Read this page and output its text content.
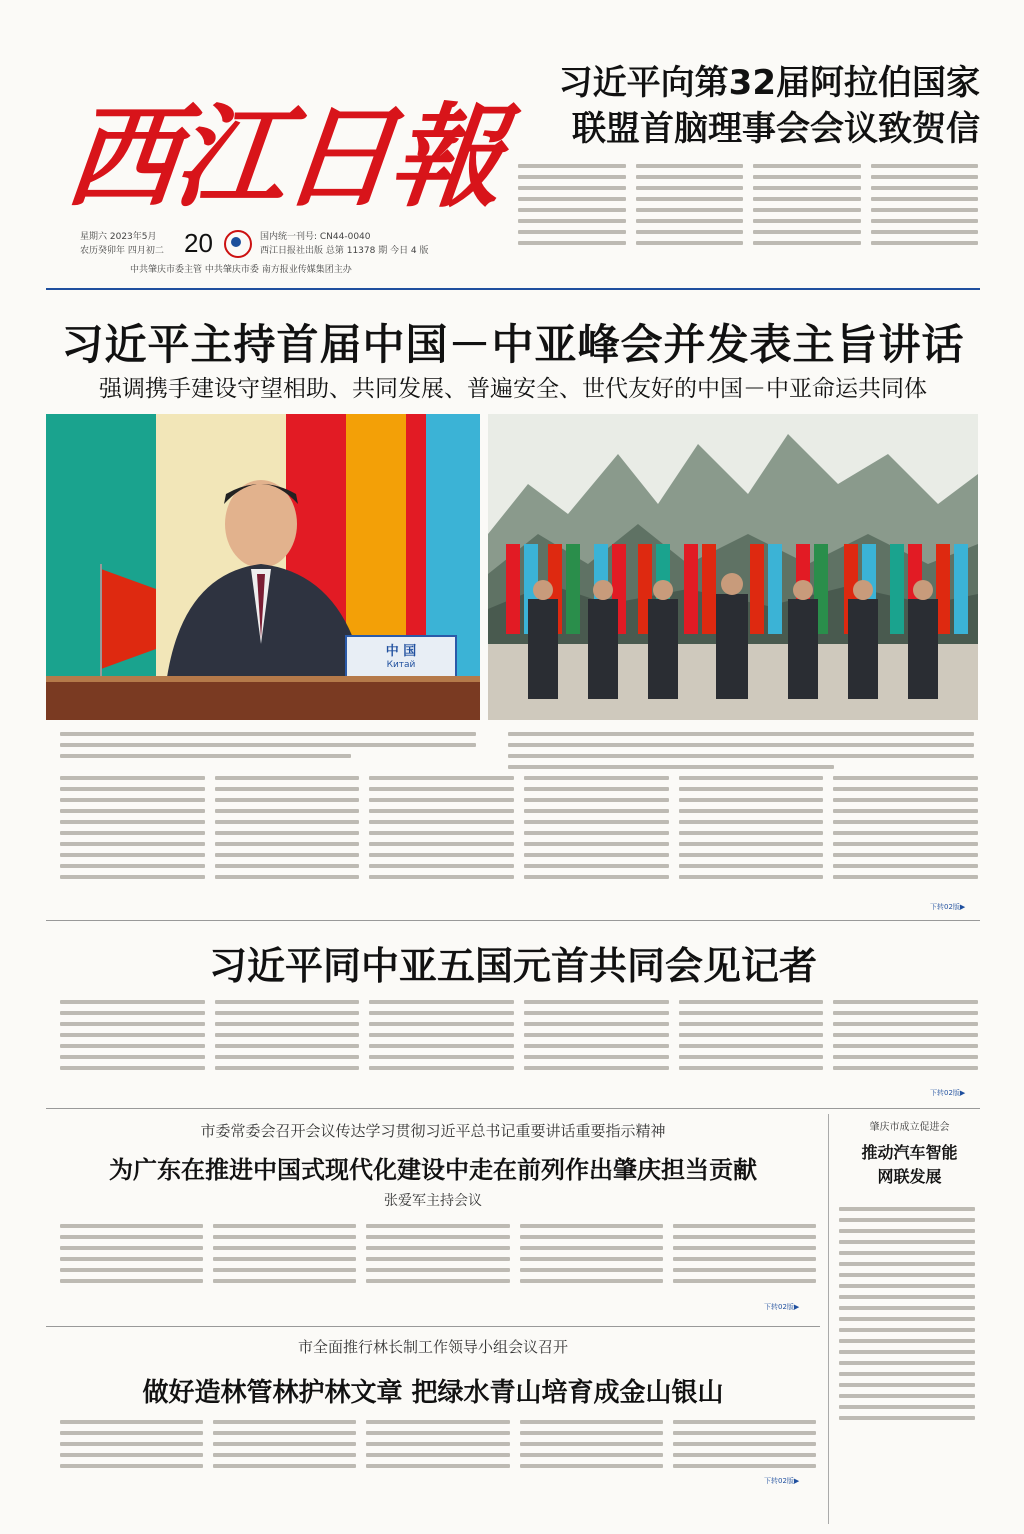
西江日報
星期六 2023年5月
农历癸卯年 四月初二 20	国内统一刊号: CN44-0040
西江日报社出版 总第 11378 期 今日 4 版
中共肇庆市委主管 中共肇庆市委 南方报业传媒集团主办
习近平向第32届阿拉伯国家
联盟首脑理事会会议致贺信
习近平主持首届中国－中亚峰会并发表主旨讲话

强调携手建设守望相助、共同发展、普遍安全、世代友好的中国－中亚命运共同体

中 国
Китай
下转02版▶
习近平同中亚五国元首共同会见记者
下转02版▶

市委常委会召开会议传达学习贯彻习近平总书记重要讲话重要指示精神

为广东在推进中国式现代化建设中走在前列作出肇庆担当贡献

张爱军主持会议

下转02版▶

市全面推行林长制工作领导小组会议召开

做好造林管林护林文章 把绿水青山培育成金山银山
下转02版▶
肇庆市成立促进会
推动汽车智能
网联发展
